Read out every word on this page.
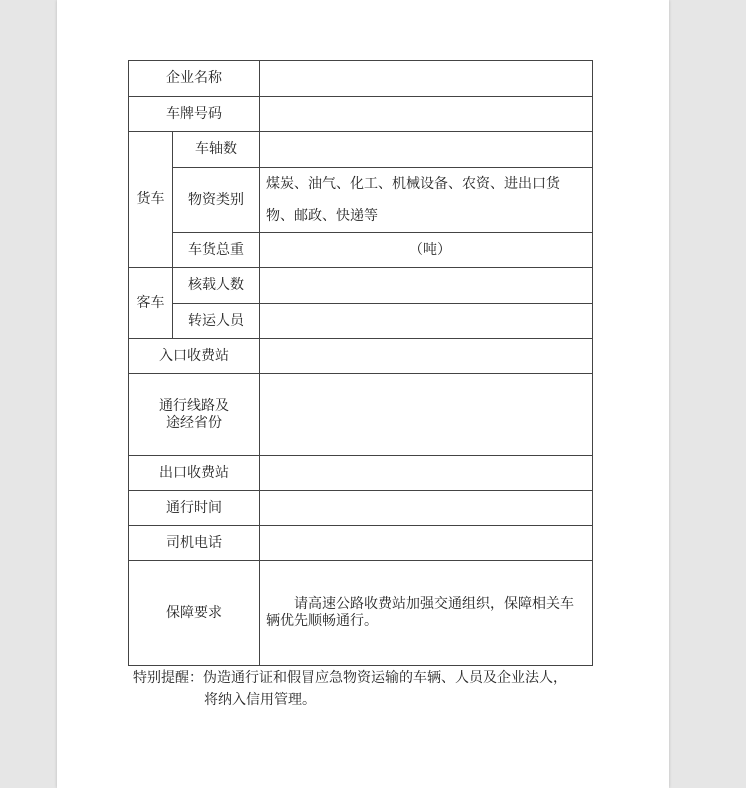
企业名称		
车牌号码		
货车	车轴数	
	物资类别	煤炭、油气、化工、机械设备、农资、进出口货物、邮政、快递等
	车货总重	（吨）
客车	核载人数	
	转运人员	
入口收费站		

通行线路及
途经省份		

出口收费站		
通行时间		
司机电话		
保障要求		　　请高速公路收费站加强交通组织，保障相关车辆优先顺畅通行。
特别提醒：伪造通行证和假冒应急物资运输的车辆、人员及企业法人，
将纳入信用管理。
